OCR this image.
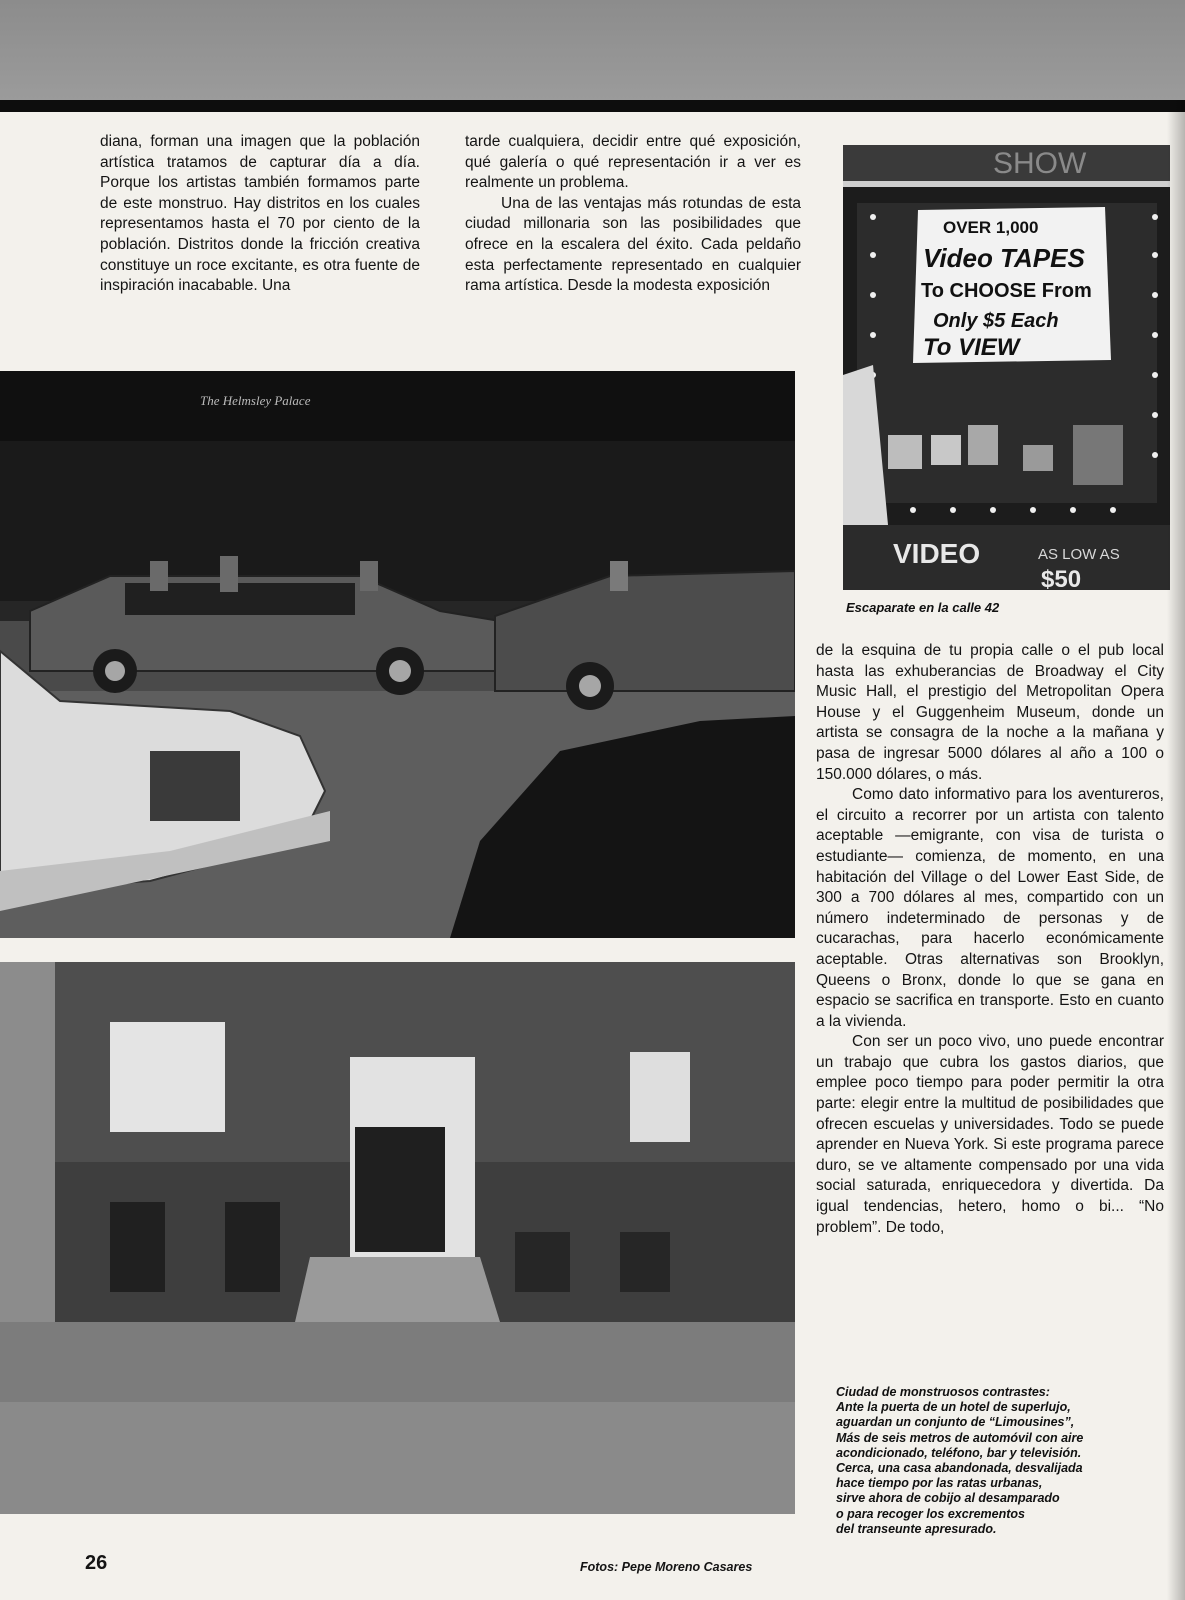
diana, forman una imagen que la población artística tratamos de capturar día a día. Porque los artistas también formamos parte de este monstruo. Hay distritos en los cuales representamos hasta el 70 por ciento de la población. Distritos donde la fricción creativa constituye un roce excitante, es otra fuente de inspiración inacabable. Una

tarde cualquiera, decidir entre qué exposición, qué galería o qué representación ir a ver es realmente un problema.

Una de las ventajas más rotundas de esta ciudad millonaria son las posibilidades que ofrece en la escalera del éxito. Cada peldaño esta perfectamente representado en cualquier rama artística. Desde la modesta exposición

SHOW
OVER 1,000
Video TAPES
To CHOOSE From
Only $5 Each
To VIEW
VIDEO	AS LOW AS
$50
Escaparate en la calle 42
The Helmsley Palace

de la esquina de tu propia calle o el pub local hasta las exhuberancias de Broadway el City Music Hall, el prestigio del Metropolitan Opera House y el Guggenheim Museum, donde un artista se consagra de la noche a la mañana y pasa de ingresar 5000 dólares al año a 100 o 150.000 dólares, o más.

Como dato informativo para los aventureros, el circuito a recorrer por un artista con talento aceptable —emigrante, con visa de turista o estudiante— comienza, de momento, en una habitación del Village o del Lower East Side, de 300 a 700 dólares al mes, compartido con un número indeterminado de personas y de cucarachas, para hacerlo económicamente aceptable. Otras alternativas son Brooklyn, Queens o Bronx, donde lo que se gana en espacio se sacrifica en transporte. Esto en cuanto a la vivienda.

Con ser un poco vivo, uno puede encontrar un trabajo que cubra los gastos diarios, que emplee poco tiempo para poder permitir la otra parte: elegir entre la multitud de posibilidades que ofrecen escuelas y universidades. Todo se puede aprender en Nueva York. Si este programa parece duro, se ve altamente compensado por una vida social saturada, enriquecedora y divertida. Da igual tendencias, hetero, homo o bi... “No problem”. De todo,

Ciudad de monstruosos contrastes:
Ante la puerta de un hotel de superlujo,
aguardan un conjunto de “Limousines”,
Más de seis metros de automóvil con aire
acondicionado, teléfono, bar y televisión.
Cerca, una casa abandonada, desvalijada
hace tiempo por las ratas urbanas,
sirve ahora de cobijo al desamparado
o para recoger los excrementos
del transeunte apresurado.
26	Fotos: Pepe Moreno Casares
